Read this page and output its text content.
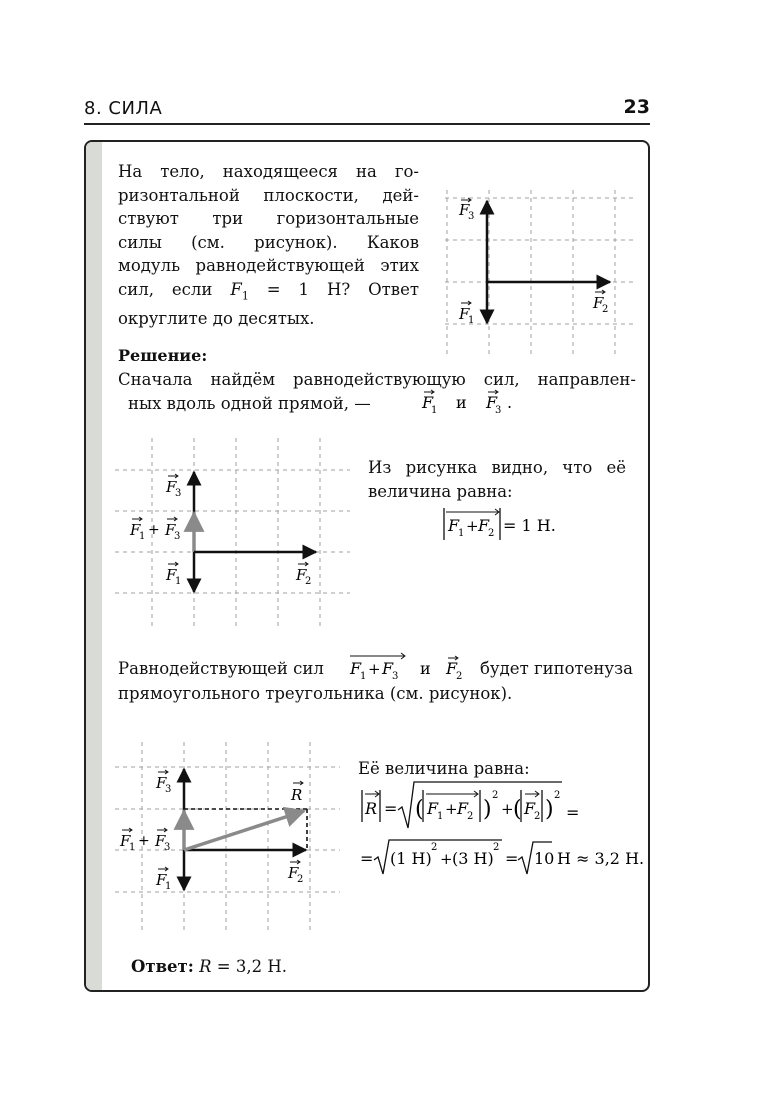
8. СИЛА	23
На тело, находящееся на го-
ризонтальной плоскости, дей-
ствуют три горизонтальные
силы (см. рисунок). Каков
модуль равнодействующей этих
сил, если $F_1 = 1$ Н? Ответ
округлите до десятых.
F
3
F
2
F
1
Решение:
Сначала найдём равнодействующую сил, направлен-
ных вдоль одной прямой, —	F
1 и F
3 .
F
3
F
1 + F
3
F
2
F
1
Из рисунка видно, что её
величина равна:
F
1 + F
2 = 1 Н.
Равнодействующей сил F
1 + F
3 и F
2 будет гипотенуза
прямоугольного треугольника (см. рисунок).
F
3	R
F
1 + F
3
F
2
F
1
Её величина равна:
R = ( F
1 + F
2 )
2
+ ( F
2 )
2
=
= (1 Н)
2
+ (3 Н)
2
= 10 Н ≈ 3,2 Н.
Ответ: R = 3,2 Н.
